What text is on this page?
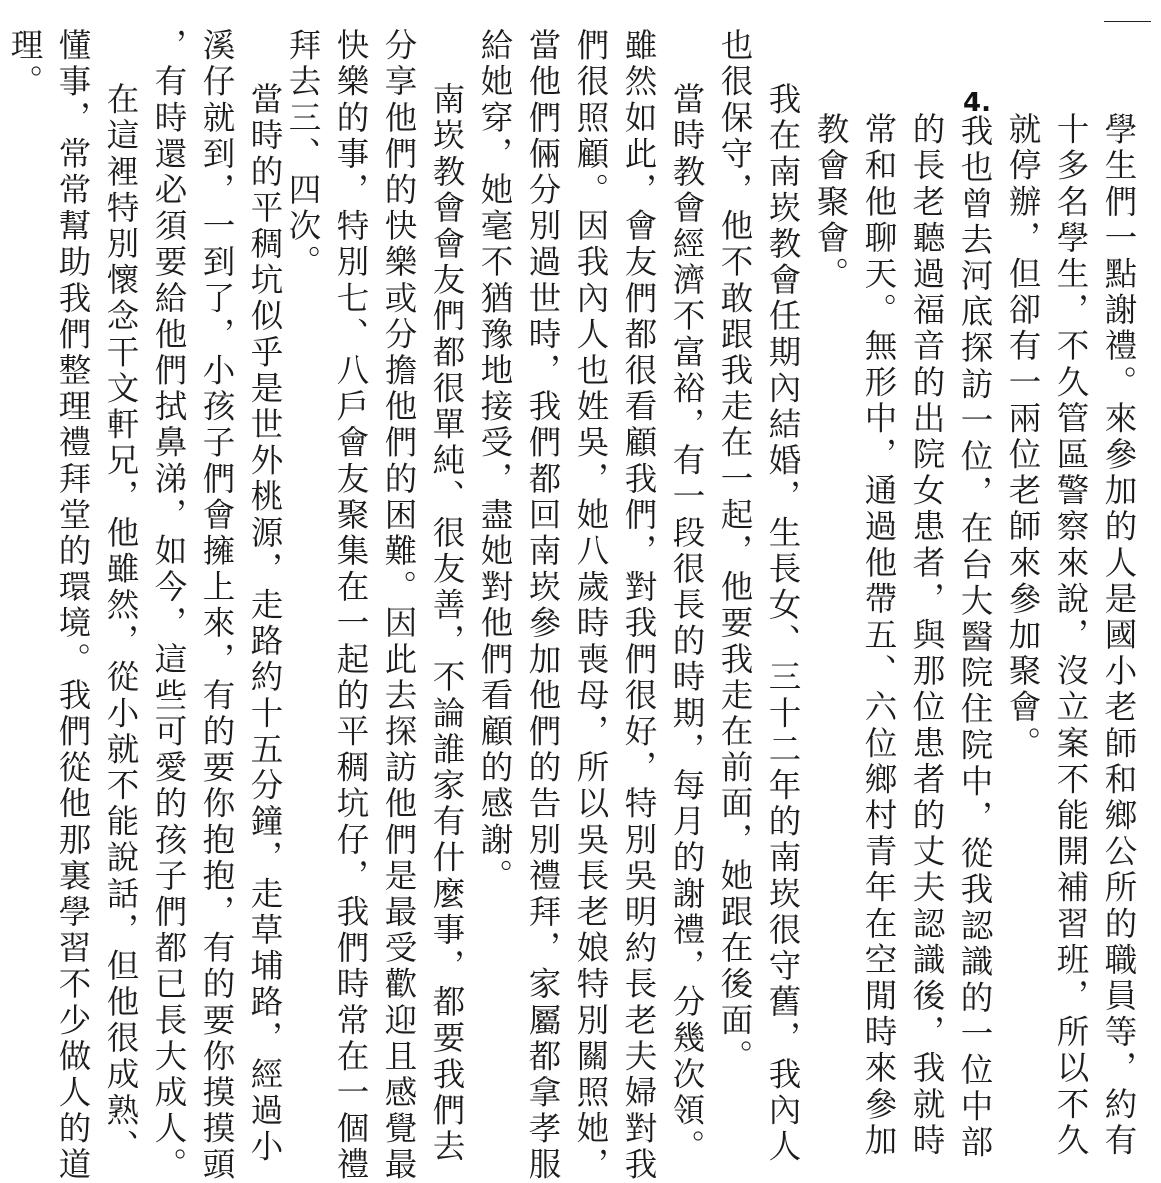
4.
學生們一點謝禮。來參加的人是國小老師和鄉公所的職員等，約有
十多名學生，不久管區警察來說，沒立案不能開補習班，所以不久
就停辦，但卻有一兩位老師來參加聚會。
我也曾去河底探訪一位，在台大醫院住院中，從我認識的一位中部
的長老聽過福音的出院女患者，與那位患者的丈夫認識後，我就時
常和他聊天。無形中，通過他帶五、六位鄉村青年在空閒時來參加
教會聚會。
我在南崁教會任期內結婚，生長女、三十二年的南崁很守舊，我內人
也很保守，他不敢跟我走在一起，他要我走在前面，她跟在後面。
當時教會經濟不富裕，有一段很長的時期，每月的謝禮，分幾次領。
雖然如此，會友們都很看顧我們，對我們很好，特別吳明約長老夫婦對我
們很照顧。因我內人也姓吳，她八歲時喪母，所以吳長老娘特別關照她，
當他們倆分別過世時，我們都回南崁參加他們的告別禮拜，家屬都拿孝服
給她穿，她毫不猶豫地接受，盡她對他們看顧的感謝。
南崁教會會友們都很單純、很友善，不論誰家有什麼事，都要我們去
分享他們的快樂或分擔他們的困難。因此去探訪他們是最受歡迎且感覺最
快樂的事，特別七、八戶會友聚集在一起的平稠坑仔，我們時常在一個禮
拜去三、四次。
當時的平稠坑似乎是世外桃源，走路約十五分鐘，走草埔路，經過小
溪仔就到，一到了，小孩子們會擁上來，有的要你抱抱，有的要你摸摸頭
，有時還必須要給他們拭鼻涕，如今，這些可愛的孩子們都已長大成人。
在這裡特別懷念干文軒兄，他雖然，從小就不能說話，但他很成熟、
懂事，常常幫助我們整理禮拜堂的環境。我們從他那裏學習不少做人的道
理。
